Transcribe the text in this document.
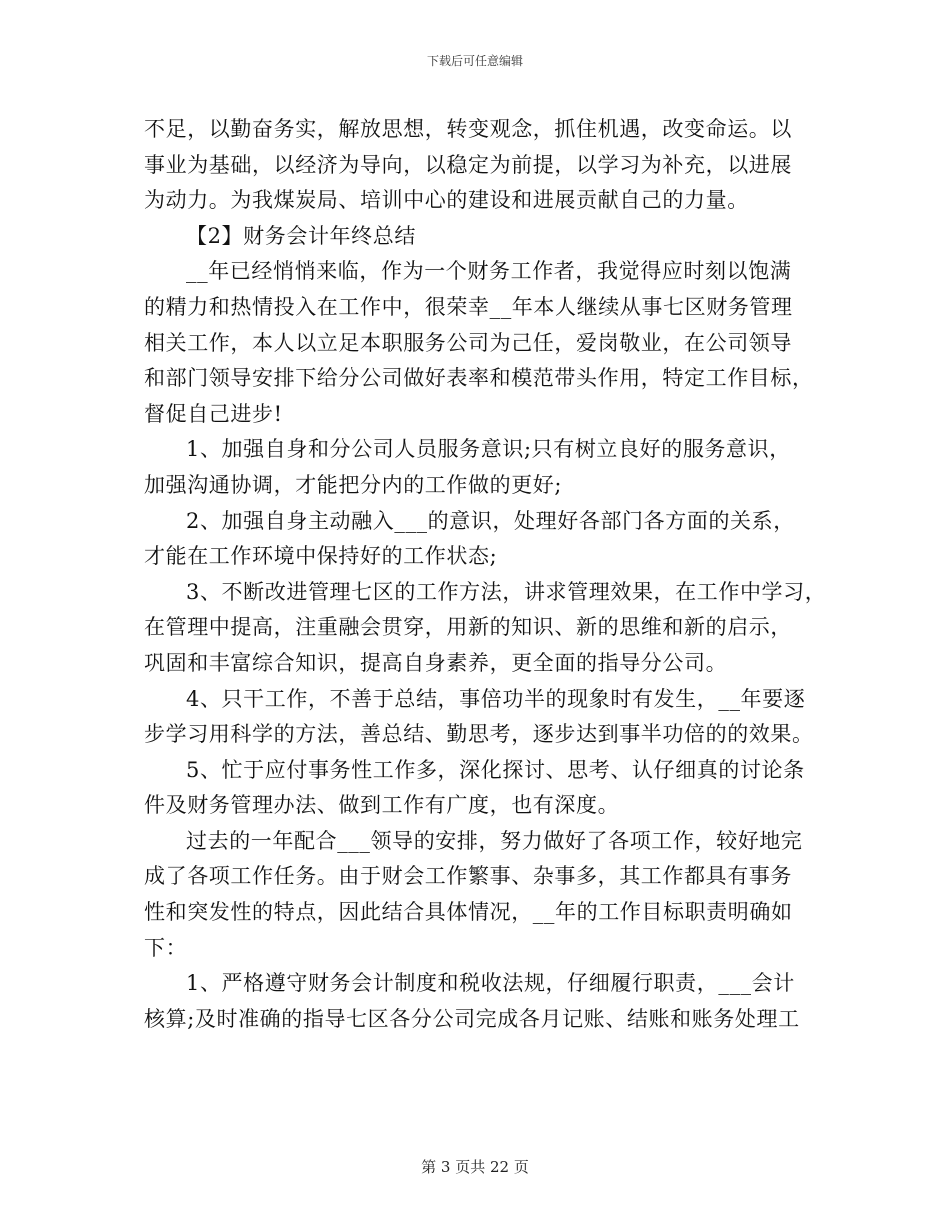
下载后可任意编辑
不足，以勤奋务实，解放思想，转变观念，抓住机遇，改变命运。以
事业为基础，以经济为导向，以稳定为前提，以学习为补充，以进展
为动力。为我煤炭局、培训中心的建设和进展贡献自己的力量。
【2】财务会计年终总结
__年已经悄悄来临，作为一个财务工作者，我觉得应时刻以饱满
的精力和热情投入在工作中，很荣幸__年本人继续从事七区财务管理
相关工作，本人以立足本职服务公司为己任，爱岗敬业，在公司领导
和部门领导安排下给分公司做好表率和模范带头作用，特定工作目标，
督促自己进步!
1、加强自身和分公司人员服务意识;只有树立良好的服务意识，
加强沟通协调，才能把分内的工作做的更好;
2、加强自身主动融入___的意识，处理好各部门各方面的关系，
才能在工作环境中保持好的工作状态;
3、不断改进管理七区的工作方法，讲求管理效果，在工作中学习，
在管理中提高，注重融会贯穿，用新的知识、新的思维和新的启示，
巩固和丰富综合知识，提高自身素养，更全面的指导分公司。
4、只干工作，不善于总结，事倍功半的现象时有发生，__年要逐
步学习用科学的方法，善总结、勤思考，逐步达到事半功倍的的效果。
5、忙于应付事务性工作多，深化探讨、思考、认仔细真的讨论条
件及财务管理办法、做到工作有广度，也有深度。
过去的一年配合___领导的安排，努力做好了各项工作，较好地完
成了各项工作任务。由于财会工作繁事、杂事多，其工作都具有事务
性和突发性的特点，因此结合具体情况，__年的工作目标职责明确如
下：
1、严格遵守财务会计制度和税收法规，仔细履行职责，___会计
核算;及时准确的指导七区各分公司完成各月记账、结账和账务处理工
第 3 页共 22 页
